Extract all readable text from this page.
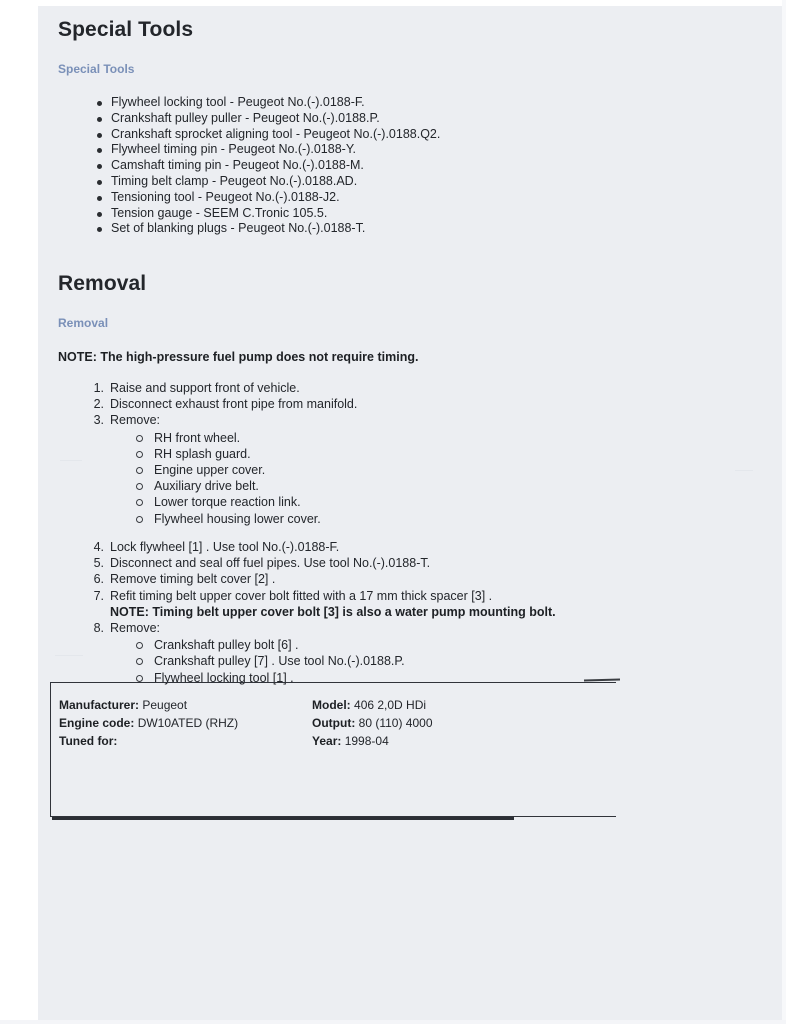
Special Tools
Special Tools
Flywheel locking tool - Peugeot No.(-).0188-F.
Crankshaft pulley puller - Peugeot No.(-).0188.P.
Crankshaft sprocket aligning tool - Peugeot No.(-).0188.Q2.
Flywheel timing pin - Peugeot No.(-).0188-Y.
Camshaft timing pin - Peugeot No.(-).0188-M.
Timing belt clamp - Peugeot No.(-).0188.AD.
Tensioning tool - Peugeot No.(-).0188-J2.
Tension gauge - SEEM C.Tronic 105.5.
Set of blanking plugs - Peugeot No.(-).0188-T.
Removal
Removal
NOTE: The high-pressure fuel pump does not require timing.
Raise and support front of vehicle.
Disconnect exhaust front pipe from manifold.
Remove:
RH front wheel.
RH splash guard.
Engine upper cover.
Auxiliary drive belt.
Lower torque reaction link.
Flywheel housing lower cover.
Lock flywheel [1] . Use tool No.(-).0188-F.
Disconnect and seal off fuel pipes. Use tool No.(-).0188-T.
Remove timing belt cover [2] .
Refit timing belt upper cover bolt fitted with a 17 mm thick spacer [3] .
NOTE: Timing belt upper cover bolt [3] is also a water pump mounting bolt.
Remove:
Crankshaft pulley bolt [6] .
Crankshaft pulley [7] . Use tool No.(-).0188.P.
Flywheel locking tool [1] .
Manufacturer: Peugeot
Engine code: DW10ATED (RHZ)
Tuned for:
Model: 406 2,0D HDi
Output: 80 (110) 4000
Year: 1998-04
